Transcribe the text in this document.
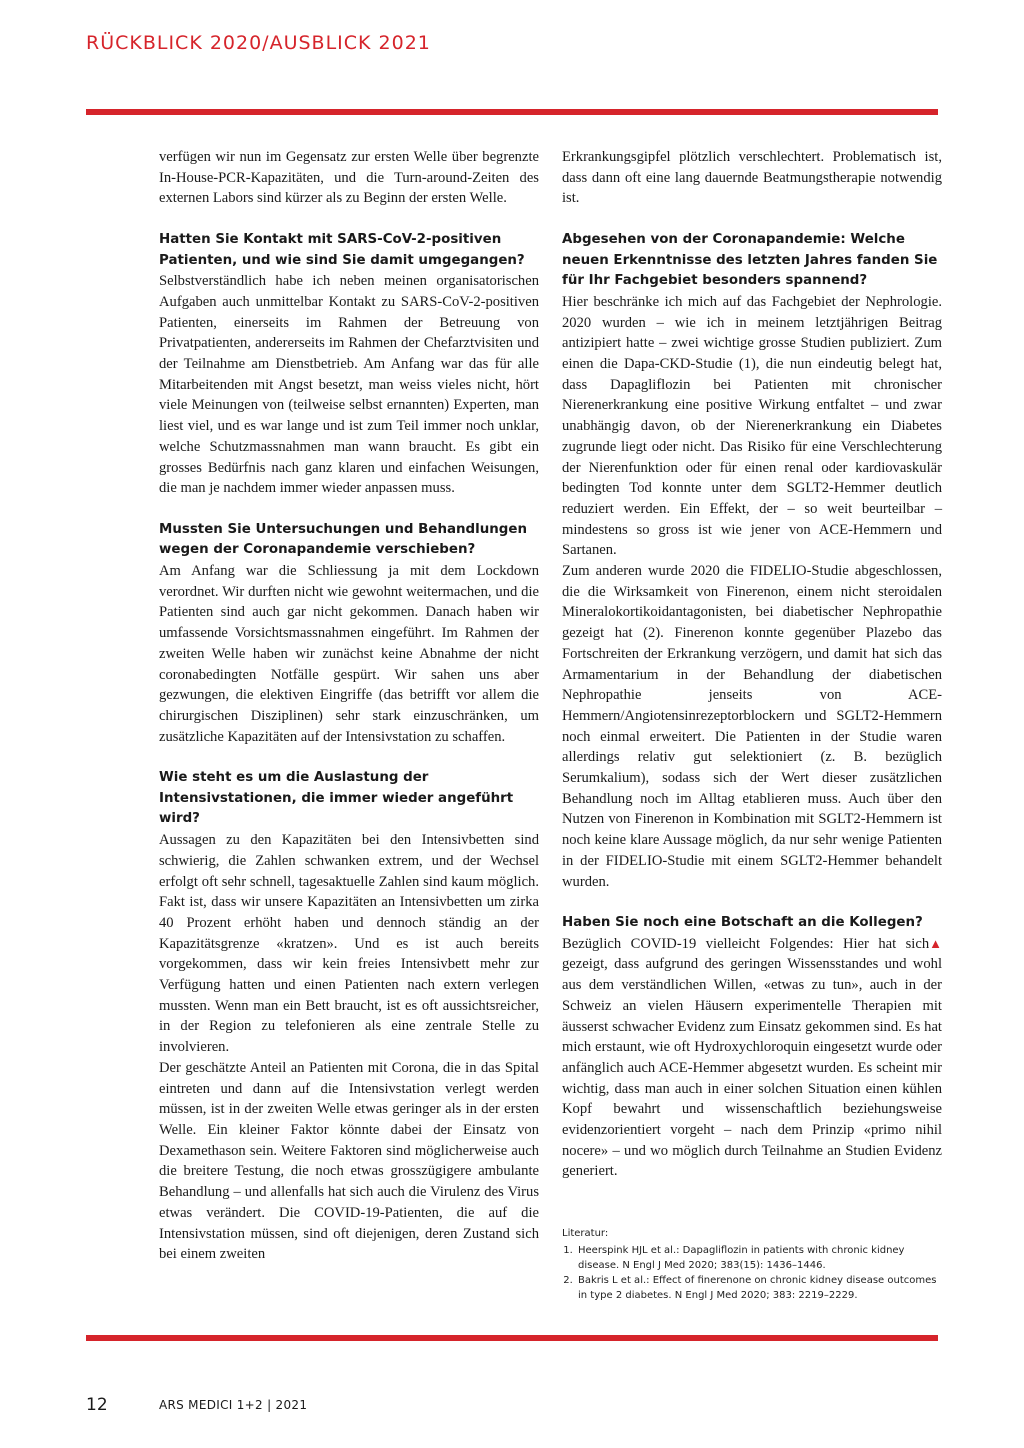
RÜCKBLICK 2020/AUSBLICK 2021

verfügen wir nun im Gegensatz zur ersten Welle über begrenzte In-House-PCR-Kapazitäten, und die Turn-around-Zeiten des externen Labors sind kürzer als zu Beginn der ersten Welle.

Hatten Sie Kontakt mit SARS-CoV-2-positiven Patienten, und wie sind Sie damit umgegangen?

Selbstverständlich habe ich neben meinen organisatorischen Aufgaben auch unmittelbar Kontakt zu SARS-CoV-2-positiven Patienten, einerseits im Rahmen der Betreuung von Privatpatienten, andererseits im Rahmen der Chefarztvisiten und der Teilnahme am Dienstbetrieb. Am Anfang war das für alle Mitarbeitenden mit Angst besetzt, man weiss vieles nicht, hört viele Meinungen von (teilweise selbst ernannten) Experten, man liest viel, und es war lange und ist zum Teil immer noch unklar, welche Schutzmassnahmen man wann braucht. Es gibt ein grosses Bedürfnis nach ganz klaren und einfachen Weisungen, die man je nachdem immer wieder anpassen muss.

Mussten Sie Untersuchungen und Behandlungen wegen der Coronapandemie verschieben?

Am Anfang war die Schliessung ja mit dem Lockdown verordnet. Wir durften nicht wie gewohnt weitermachen, und die Patienten sind auch gar nicht gekommen. Danach haben wir umfassende Vorsichtsmassnahmen eingeführt. Im Rahmen der zweiten Welle haben wir zunächst keine Abnahme der nicht coronabedingten Notfälle gespürt. Wir sahen uns aber gezwungen, die elektiven Eingriffe (das betrifft vor allem die chirurgischen Disziplinen) sehr stark einzuschränken, um zusätzliche Kapazitäten auf der Intensivstation zu schaffen.

Wie steht es um die Auslastung der Intensivstationen, die immer wieder angeführt wird?

Aussagen zu den Kapazitäten bei den Intensivbetten sind schwierig, die Zahlen schwanken extrem, und der Wechsel erfolgt oft sehr schnell, tagesaktuelle Zahlen sind kaum möglich. Fakt ist, dass wir unsere Kapazitäten an Intensivbetten um zirka 40 Prozent erhöht haben und dennoch ständig an der Kapazitätsgrenze «kratzen». Und es ist auch bereits vorgekommen, dass wir kein freies Intensivbett mehr zur Verfügung hatten und einen Patienten nach extern verlegen mussten. Wenn man ein Bett braucht, ist es oft aussichtsreicher, in der Region zu telefonieren als eine zentrale Stelle zu involvieren.

Der geschätzte Anteil an Patienten mit Corona, die in das Spital eintreten und dann auf die Intensivstation verlegt werden müssen, ist in der zweiten Welle etwas geringer als in der ersten Welle. Ein kleiner Faktor könnte dabei der Einsatz von Dexamethason sein. Weitere Faktoren sind möglicherweise auch die breitere Testung, die noch etwas grosszügigere ambulante Behandlung – und allenfalls hat sich auch die Virulenz des Virus etwas verändert. Die COVID-19-Patienten, die auf die Intensivstation müssen, sind oft diejenigen, deren Zustand sich bei einem zweiten

Erkrankungsgipfel plötzlich verschlechtert. Problematisch ist, dass dann oft eine lang dauernde Beatmungstherapie notwendig ist.

Abgesehen von der Coronapandemie: Welche neuen Erkenntnisse des letzten Jahres fanden Sie für Ihr Fachgebiet besonders spannend?

Hier beschränke ich mich auf das Fachgebiet der Nephrologie. 2020 wurden – wie ich in meinem letztjährigen Beitrag antizipiert hatte – zwei wichtige grosse Studien publiziert. Zum einen die Dapa-CKD-Studie (1), die nun eindeutig belegt hat, dass Dapagliflozin bei Patienten mit chronischer Nierenerkrankung eine positive Wirkung entfaltet – und zwar unabhängig davon, ob der Nierenerkrankung ein Diabetes zugrunde liegt oder nicht. Das Risiko für eine Verschlechterung der Nierenfunktion oder für einen renal oder kardiovaskulär bedingten Tod konnte unter dem SGLT2-Hemmer deutlich reduziert werden. Ein Effekt, der – so weit beurteilbar – mindestens so gross ist wie jener von ACE-Hemmern und Sartanen.

Zum anderen wurde 2020 die FIDELIO-Studie abgeschlossen, die die Wirksamkeit von Finerenon, einem nicht steroidalen Mineralokortikoidantagonisten, bei diabetischer Nephropathie gezeigt hat (2). Finerenon konnte gegenüber Plazebo das Fortschreiten der Erkrankung verzögern, und damit hat sich das Armamentarium in der Behandlung der diabetischen Nephropathie jenseits von ACE-Hemmern/Angiotensinrezeptorblockern und SGLT2-Hemmern noch einmal erweitert. Die Patienten in der Studie waren allerdings relativ gut selektioniert (z. B. bezüglich Serumkalium), sodass sich der Wert dieser zusätzlichen Behandlung noch im Alltag etablieren muss. Auch über den Nutzen von Finerenon in Kombination mit SGLT2-Hemmern ist noch keine klare Aussage möglich, da nur sehr wenige Patienten in der FIDELIO-Studie mit einem SGLT2-Hemmer behandelt wurden.

Haben Sie noch eine Botschaft an die Kollegen?

▲
Bezüglich COVID-19 vielleicht Folgendes: Hier hat sich gezeigt, dass aufgrund des geringen Wissensstandes und wohl aus dem verständlichen Willen, «etwas zu tun», auch in der Schweiz an vielen Häusern experimentelle Therapien mit äusserst schwacher Evidenz zum Einsatz gekommen sind. Es hat mich erstaunt, wie oft Hydroxychloroquin eingesetzt wurde oder anfänglich auch ACE-Hemmer abgesetzt wurden. Es scheint mir wichtig, dass man auch in einer solchen Situation einen kühlen Kopf bewahrt und wissenschaftlich beziehungsweise evidenzorientiert vorgeht – nach dem Prinzip «primo nihil nocere» – und wo möglich durch Teilnahme an Studien Evidenz generiert.

Literatur:
1. Heerspink HJL et al.: Dapagliflozin in patients with chronic kidney disease. N Engl J Med 2020; 383(15): 1436–1446.
2. Bakris L et al.: Effect of finerenone on chronic kidney disease outcomes in type 2 diabetes. N Engl J Med 2020; 383: 2219–2229.
12	ARS MEDICI 1+2 | 2021
